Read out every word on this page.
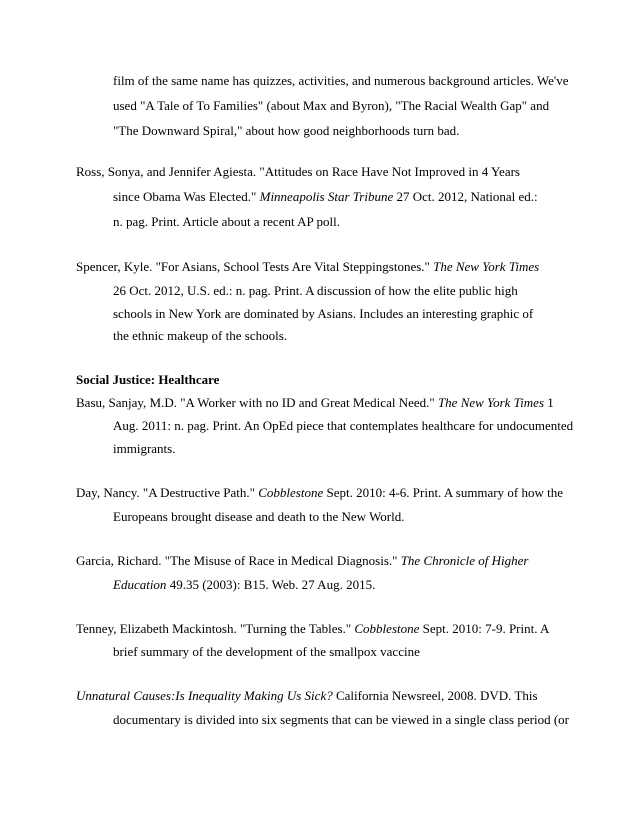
film of the same name has quizzes, activities, and numerous background articles. We've
used "A Tale of To Families" (about Max and Byron), "The Racial Wealth Gap" and
"The Downward Spiral," about how good neighborhoods turn bad.
Ross, Sonya, and Jennifer Agiesta. "Attitudes on Race Have Not Improved in 4 Years
since Obama Was Elected." Minneapolis Star Tribune 27 Oct. 2012, National ed.:
n. pag. Print. Article about a recent AP poll.
Spencer, Kyle. "For Asians, School Tests Are Vital Steppingstones." The New York Times
26 Oct. 2012, U.S. ed.: n. pag. Print. A discussion of how the elite public high
schools in New York are dominated by Asians. Includes an interesting graphic of
the ethnic makeup of the schools.
Social Justice: Healthcare
Basu, Sanjay, M.D. "A Worker with no ID and Great Medical Need." The New York Times 1
Aug. 2011: n. pag. Print. An OpEd piece that contemplates healthcare for undocumented
immigrants.
Day, Nancy. "A Destructive Path." Cobblestone Sept. 2010: 4-6. Print. A summary of how the
Europeans brought disease and death to the New World.
Garcia, Richard. "The Misuse of Race in Medical Diagnosis." The Chronicle of Higher
Education 49.35 (2003): B15. Web. 27 Aug. 2015.
Tenney, Elizabeth Mackintosh. "Turning the Tables." Cobblestone Sept. 2010: 7-9. Print. A
brief summary of the development of the smallpox vaccine
Unnatural Causes:Is Inequality Making Us Sick? California Newsreel, 2008. DVD. This
documentary is divided into six segments that can be viewed in a single class period (or
